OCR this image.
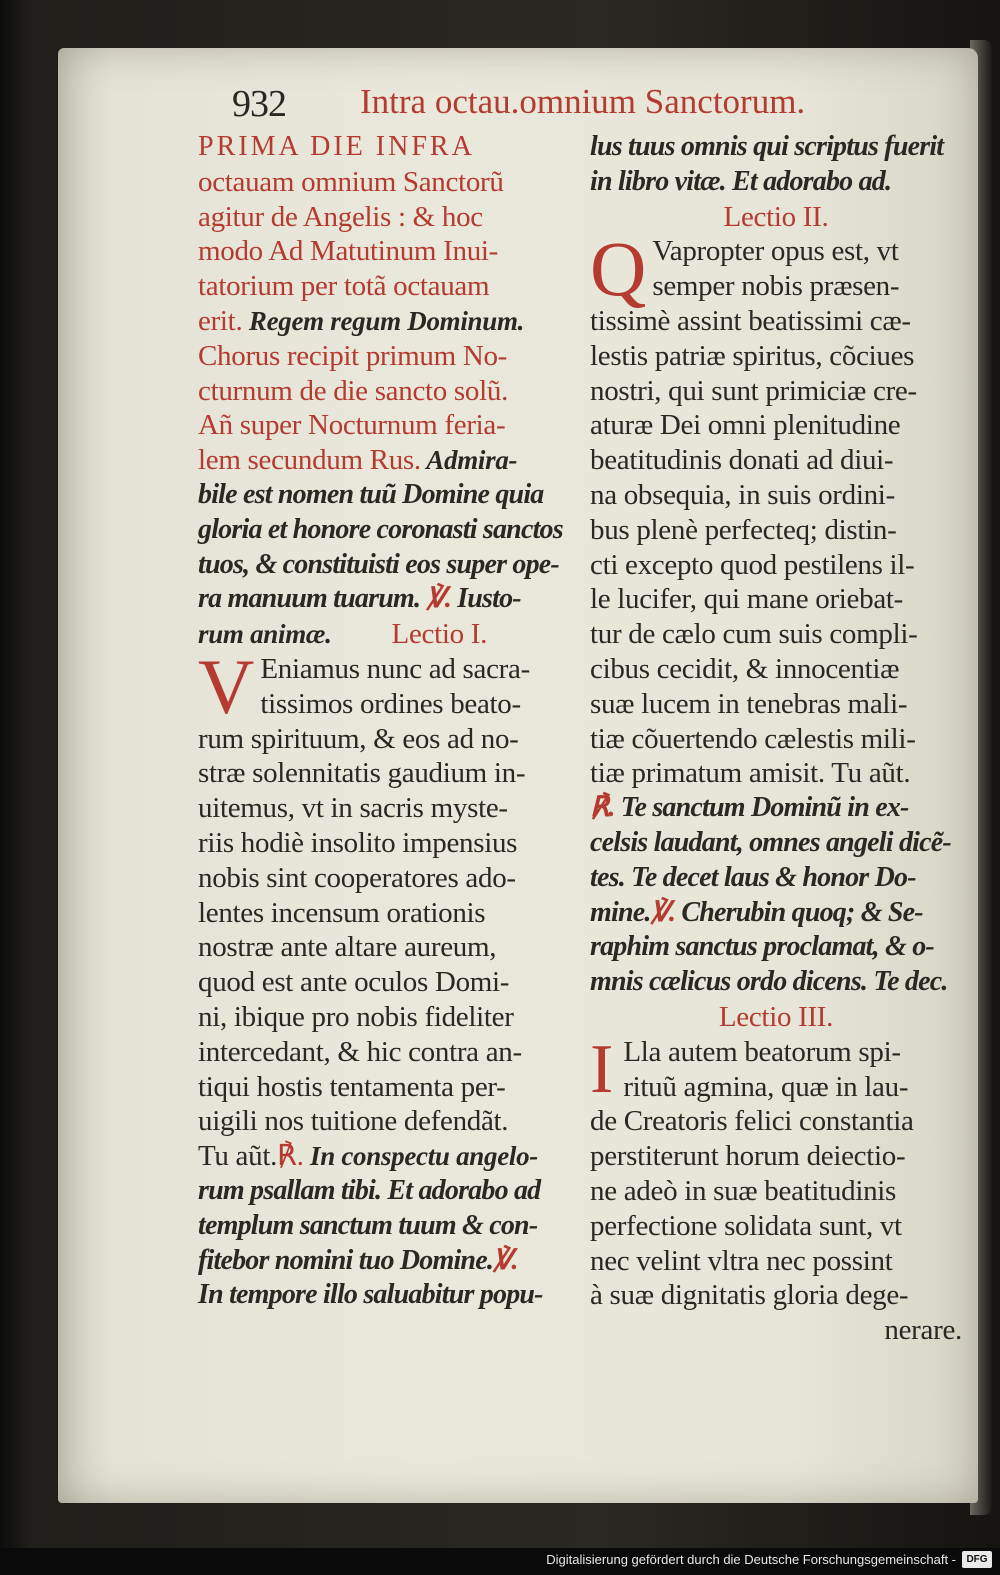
932 Intra octau.omnium Sanctorum.
PRIMA DIE INFRA
octauam omnium Sanctorũ
agitur de Angelis : & hoc
modo Ad Matutinum Inui-
tatorium per totã octauam
erit. Regem regum Dominum.
Chorus recipit primum No-
cturnum de die sancto solũ.
Añ super Nocturnum feria-
lem secundum Rus. Admira-
bile est nomen tuũ Domine quia
gloria et honore coronasti sanctos
tuos, & constituisti eos super ope-
ra manuum tuarum. ℣. Iusto-
rum animæ. Lectio I.
V Eniamus nunc ad sacra-
tissimos ordines beato-
rum spirituum, & eos ad no-
stræ solennitatis gaudium in-
uitemus, vt in sacris myste-
riis hodiè insolito impensius
nobis sint cooperatores ado-
lentes incensum orationis
nostræ ante altare aureum,
quod est ante oculos Domi-
ni, ibique pro nobis fideliter
intercedant, & hic contra an-
tiqui hostis tentamenta per-
uigili nos tuitione defendãt.
Tu aũt.℟. In conspectu angelo-
rum psallam tibi. Et adorabo ad
templum sanctum tuum & con-
fitebor nomini tuo Domine.℣.
In tempore illo saluabitur popu-
lus tuus omnis qui scriptus fuerit
in libro vitæ. Et adorabo ad.
Lectio II.
Q Vapropter opus est, vt
semper nobis præsen-
tissimè assint beatissimi cæ-
lestis patriæ spiritus, cõciues
nostri, qui sunt primiciæ cre-
aturæ Dei omni plenitudine
beatitudinis donati ad diui-
na obsequia, in suis ordini-
bus plenè perfecteq; distin-
cti excepto quod pestilens il-
le lucifer, qui mane oriebat-
tur de cælo cum suis compli-
cibus cecidit, & innocentiæ
suæ lucem in tenebras mali-
tiæ cõuertendo cælestis mili-
tiæ primatum amisit. Tu aũt.
℟. Te sanctum Dominũ in ex-
celsis laudant, omnes angeli dicẽ-
tes. Te decet laus & honor Do-
mine.℣. Cherubin quoq; & Se-
raphim sanctus proclamat, & o-
mnis cælicus ordo dicens. Te dec.
Lectio III.
I Lla autem beatorum spi-
rituũ agmina, quæ in lau-
de Creatoris felici constantia
perstiterunt horum deiectio-
ne adeò in suæ beatitudinis
perfectione solidata sunt, vt
nec velint vltra nec possint
à suæ dignitatis gloria dege-
nerare.
Digitalisierung gefördert durch die Deutsche Forschungsgemeinschaft -	DFG
